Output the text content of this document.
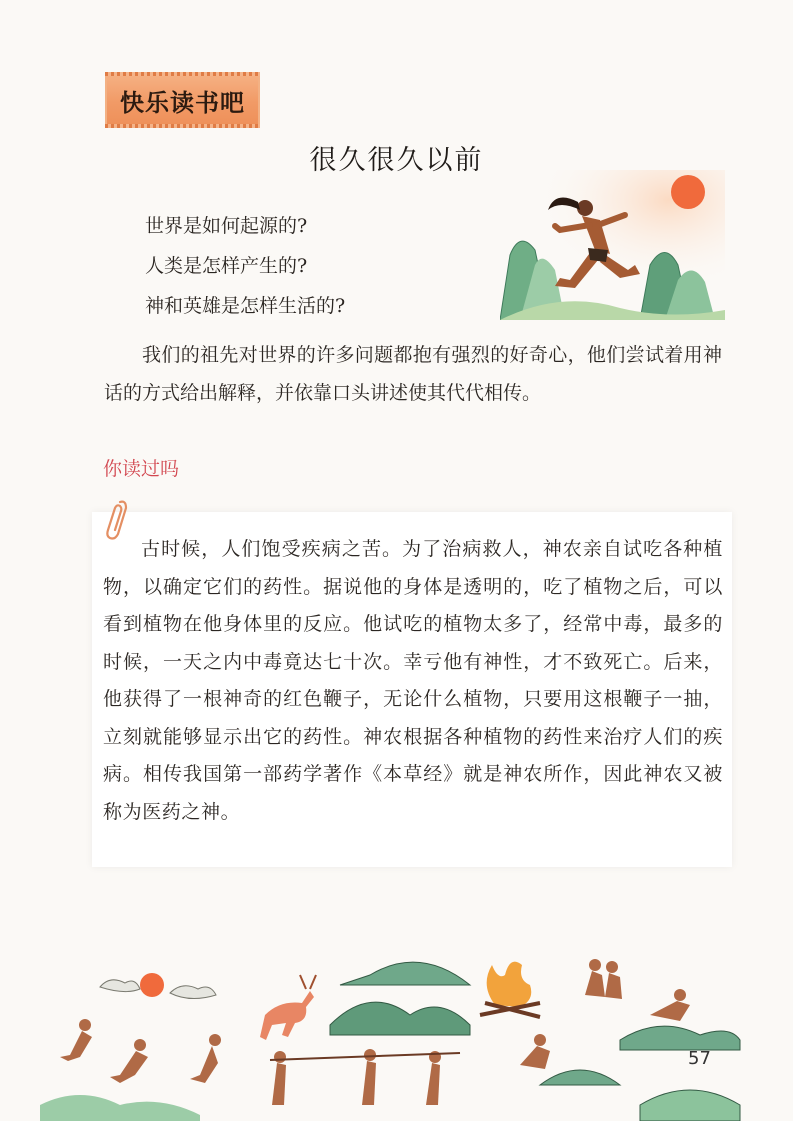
快乐读书吧
很久很久以前
世界是如何起源的?
人类是怎样产生的?
神和英雄是怎样生活的?
我们的祖先对世界的许多问题都抱有强烈的好奇心，他们尝试着用神话的方式给出解释，并依靠口头讲述使其代代相传。
你读过吗
古时候，人们饱受疾病之苦。为了治病救人，神农亲自试吃各种植物，以确定它们的药性。据说他的身体是透明的，吃了植物之后，可以看到植物在他身体里的反应。他试吃的植物太多了，经常中毒，最多的时候，一天之内中毒竟达七十次。幸亏他有神性，才不致死亡。后来，他获得了一根神奇的红色鞭子，无论什么植物，只要用这根鞭子一抽，立刻就能够显示出它的药性。神农根据各种植物的药性来治疗人们的疾病。相传我国第一部药学著作《本草经》就是神农所作，因此神农又被称为医药之神。
57
